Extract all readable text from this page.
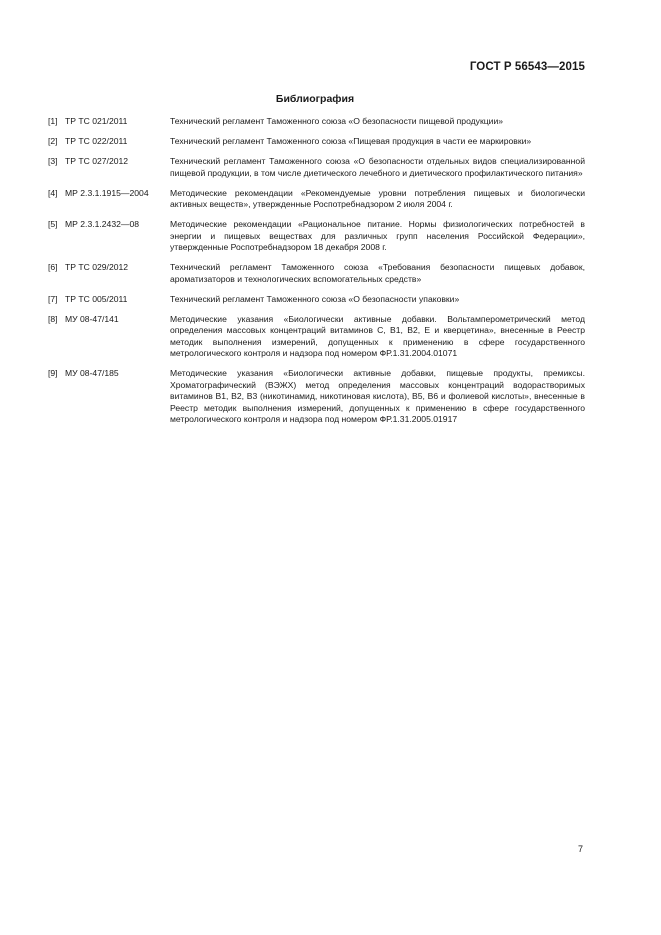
ГОСТ Р 56543—2015
Библиография
[1] ТР ТС 021/2011	Технический регламент Таможенного союза «О безопасности пищевой продукции»
[2] ТР ТС 022/2011	Технический регламент Таможенного союза «Пищевая продукция в части ее маркировки»
[3] ТР ТС 027/2012	Технический регламент Таможенного союза «О безопасности отдельных видов специализированной пищевой продукции, в том числе диетического лечебного и диетического профилактического питания»
[4] МР 2.3.1.1915—2004	Методические рекомендации «Рекомендуемые уровни потребления пищевых и биологически активных веществ», утвержденные Роспотребнадзором 2 июля 2004 г.
[5] МР 2.3.1.2432—08	Методические рекомендации «Рациональное питание. Нормы физиологических потребностей в энергии и пищевых веществах для различных групп населения Российской Федерации», утвержденные Роспотребнадзором 18 декабря 2008 г.
[6] ТР ТС 029/2012	Технический регламент Таможенного союза «Требования безопасности пищевых добавок, ароматизаторов и технологических вспомогательных средств»
[7] ТР ТС 005/2011	Технический регламент Таможенного союза «О безопасности упаковки»
[8] МУ 08-47/141	Методические указания «Биологически активные добавки. Вольтамперометрический метод определения массовых концентраций витаминов С, В1, В2, Е и кверцетина», внесенные в Реестр методик выполнения измерений, допущенных к применению в сфере государственного метрологического контроля и надзора под номером ФР.1.31.2004.01071
[9] МУ 08-47/185	Методические указания «Биологически активные добавки, пищевые продукты, премиксы. Хроматографический (ВЭЖХ) метод определения массовых концентраций водорастворимых витаминов В1, В2, В3 (никотинамид, никотиновая кислота), В5, В6 и фолиевой кислоты», внесенные в Реестр методик выполнения измерений, допущенных к применению в сфере государственного метрологического контроля и надзора под номером ФР.1.31.2005.01917
7
